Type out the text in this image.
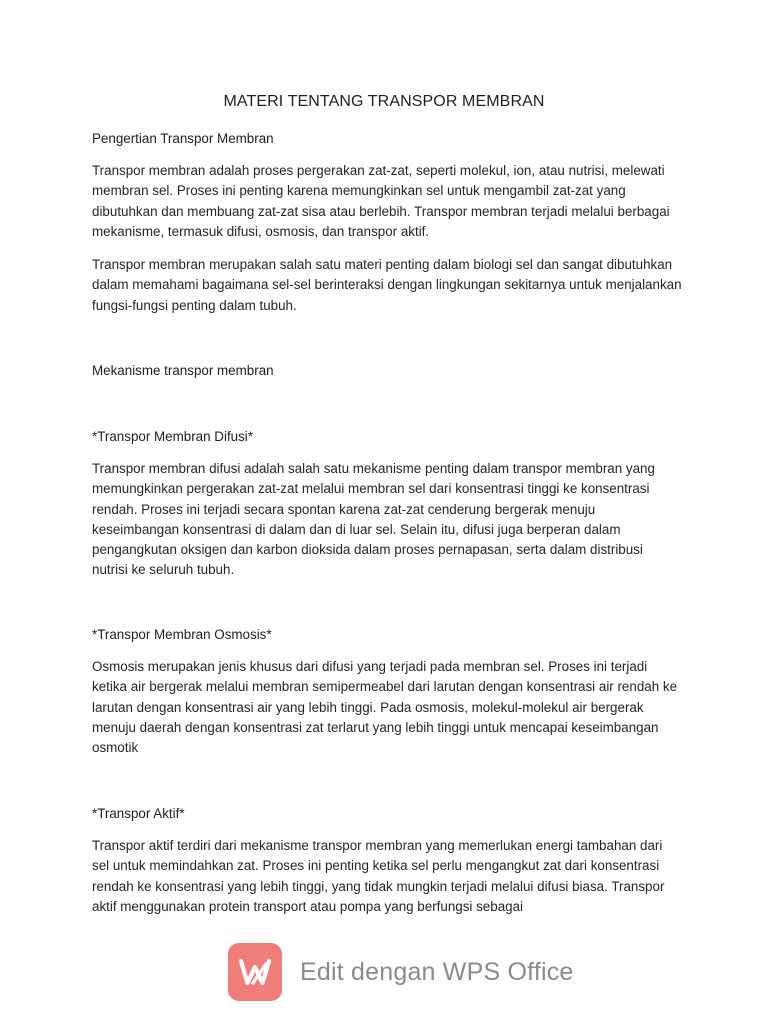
MATERI TENTANG TRANSPOR MEMBRAN
Pengertian Transpor Membran
Transpor membran adalah proses pergerakan zat-zat, seperti molekul, ion, atau nutrisi, melewati membran sel. Proses ini penting karena memungkinkan sel untuk mengambil zat-zat yang dibutuhkan dan membuang zat-zat sisa atau berlebih. Transpor membran terjadi melalui berbagai mekanisme, termasuk difusi, osmosis, dan transpor aktif.
Transpor membran merupakan salah satu materi penting dalam biologi sel dan sangat dibutuhkan dalam memahami bagaimana sel-sel berinteraksi dengan lingkungan sekitarnya untuk menjalankan fungsi-fungsi penting dalam tubuh.
Mekanisme transpor membran
*Transpor Membran Difusi*
Transpor membran difusi adalah salah satu mekanisme penting dalam transpor membran yang memungkinkan pergerakan zat-zat melalui membran sel dari konsentrasi tinggi ke konsentrasi rendah. Proses ini terjadi secara spontan karena zat-zat cenderung bergerak menuju keseimbangan konsentrasi di dalam dan di luar sel. Selain itu, difusi juga berperan dalam pengangkutan oksigen dan karbon dioksida dalam proses pernapasan, serta dalam distribusi nutrisi ke seluruh tubuh.
*Transpor Membran Osmosis*
Osmosis merupakan jenis khusus dari difusi yang terjadi pada membran sel. Proses ini terjadi ketika air bergerak melalui membran semipermeabel dari larutan dengan konsentrasi air rendah ke larutan dengan konsentrasi air yang lebih tinggi. Pada osmosis, molekul-molekul air bergerak menuju daerah dengan konsentrasi zat terlarut yang lebih tinggi untuk mencapai keseimbangan osmotik
*Transpor Aktif*
Transpor aktif terdiri dari mekanisme transpor membran yang memerlukan energi tambahan dari sel untuk memindahkan zat. Proses ini penting ketika sel perlu mengangkut zat dari konsentrasi rendah ke konsentrasi yang lebih tinggi, yang tidak mungkin terjadi melalui difusi biasa. Transpor aktif menggunakan protein transport atau pompa yang berfungsi sebagai
Edit dengan WPS Office
